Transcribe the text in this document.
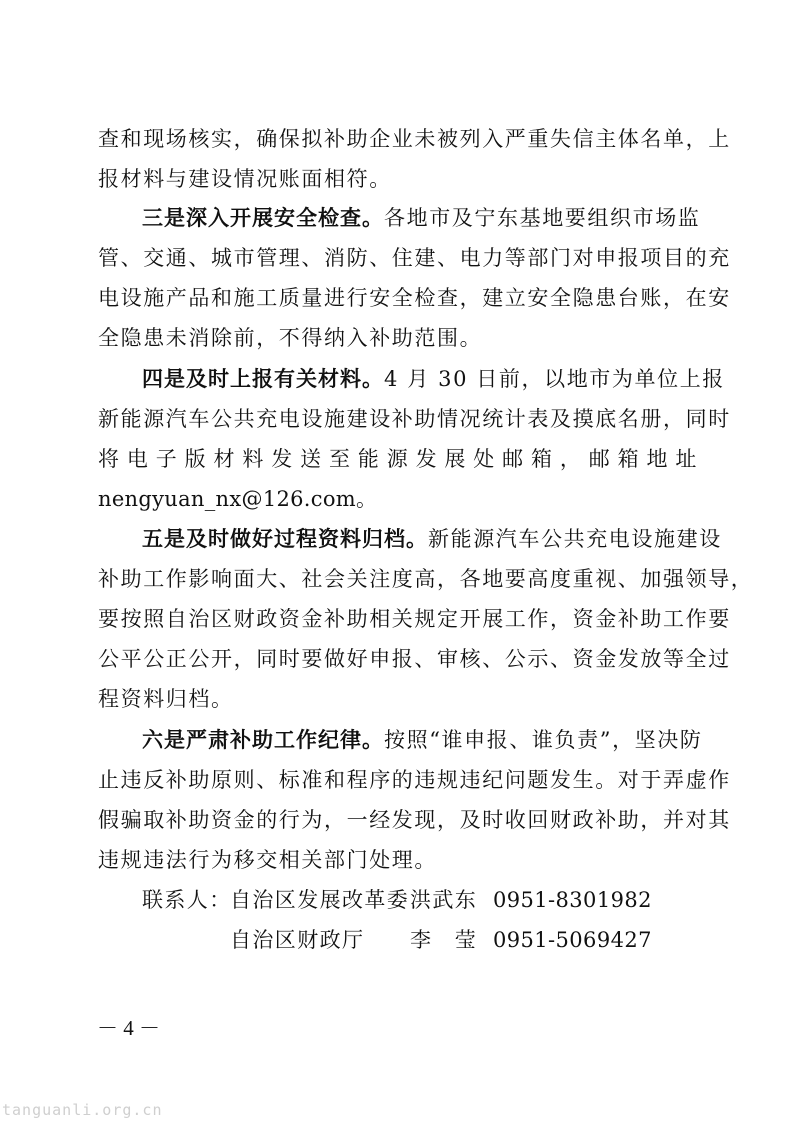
查和现场核实，确保拟补助企业未被列入严重失信主体名单，上
报材料与建设情况账面相符。
三是深入开展安全检查。各地市及宁东基地要组织市场监
管、交通、城市管理、消防、住建、电力等部门对申报项目的充
电设施产品和施工质量进行安全检查，建立安全隐患台账，在安
全隐患未消除前，不得纳入补助范围。
四是及时上报有关材料。4 月 30 日前，以地市为单位上报
新能源汽车公共充电设施建设补助情况统计表及摸底名册，同时
将电子版材料发送至能源发展处邮箱，邮箱地址
nengyuan_nx@126.com。
五是及时做好过程资料归档。新能源汽车公共充电设施建设
补助工作影响面大、社会关注度高，各地要高度重视、加强领导，
要按照自治区财政资金补助相关规定开展工作，资金补助工作要
公平公正公开，同时要做好申报、审核、公示、资金发放等全过
程资料归档。
六是严肃补助工作纪律。按照“谁申报、谁负责”，坚决防
止违反补助原则、标准和程序的违规违纪问题发生。对于弄虚作
假骗取补助资金的行为，一经发现，及时收回财政补助，并对其
违规违法行为移交相关部门处理。
联系人：
自治区发展改革委 洪武东 0951-8301982
自治区财政厅 李　莹 0951-5069427
－ 4 －
tanguanli.org.cn
